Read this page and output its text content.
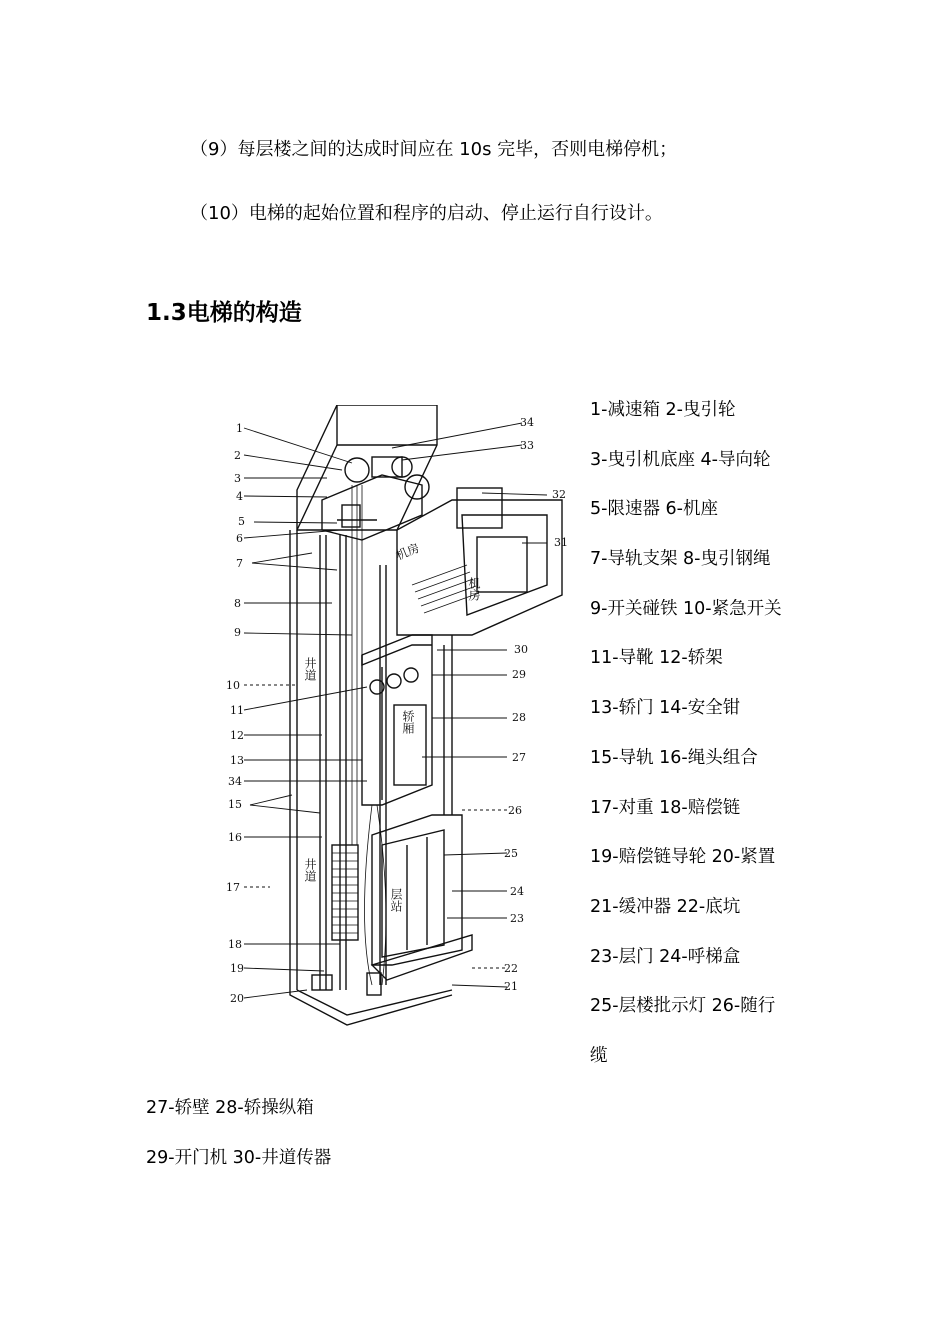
（9）每层楼之间的达成时间应在 10s 完毕，否则电梯停机；
（10）电梯的起始位置和程序的启动、停止运行自行设计。
1.3电梯的构造
1-减速箱 2-曳引轮
3-曳引机底座 4-导向轮
5-限速器 6-机座
7-导轨支架 8-曳引钢绳
9-开关碰铁 10-紧急开关
11-导靴 12-轿架
13-轿门 14-安全钳
15-导轨 16-绳头组合
17-对重 18-赔偿链
19-赔偿链导轮 20-紧置
21-缓冲器 22-底坑
23-层门 24-呼梯盒
25-层楼批示灯 26-随行
缆
27-轿壁 28-轿操纵箱
29-开门机 30-井道传器
1
2
3
4
5
6
7
8
9
10
11
12
13
34
15
16
17
18
19
20
34
33
32
31
30
29
28
27
26
25
24
23
22
21
机房
机房
井道
井道
轿厢
层站
